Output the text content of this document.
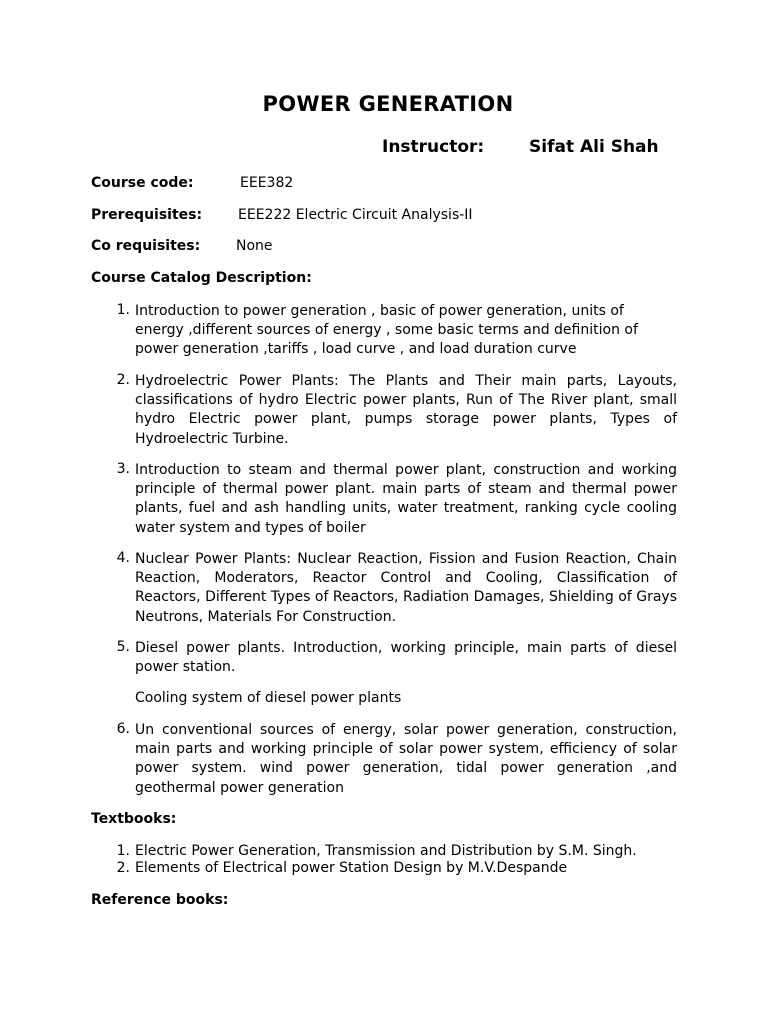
POWER GENERATION
Instructor:	Sifat Ali Shah
Course code:	EEE382
Prerequisites:	EEE222 Electric Circuit Analysis-II
Co requisites:	None
Course Catalog Description:
1. Introduction to power generation , basic of power generation, units of energy ,different sources of energy , some basic terms and definition of power generation ,tariffs , load curve , and load duration curve
2. Hydroelectric Power Plants: The Plants and Their main parts, Layouts, classifications of hydro Electric power plants, Run of The River plant, small hydro Electric power plant, pumps storage power plants, Types of Hydroelectric Turbine.
3. Introduction to steam and thermal power plant, construction and working principle of thermal power plant. main parts of steam and thermal power plants, fuel and ash handling units, water treatment, ranking cycle cooling water system and types of boiler
4. Nuclear Power Plants: Nuclear Reaction, Fission and Fusion Reaction, Chain Reaction, Moderators, Reactor Control and Cooling, Classification of Reactors, Different Types of Reactors, Radiation Damages, Shielding of Grays Neutrons, Materials For Construction.
5. Diesel power plants. Introduction, working principle, main parts of diesel power station.
6. Un conventional sources of energy, solar power generation, construction, main parts and working principle of solar power system, efficiency of solar power system. wind power generation, tidal power generation ,and geothermal power generation
Cooling system of diesel power plants
Textbooks:
1. Electric Power Generation, Transmission and Distribution by S.M. Singh.
2. Elements of Electrical power Station Design by M.V.Despande
Reference books:
